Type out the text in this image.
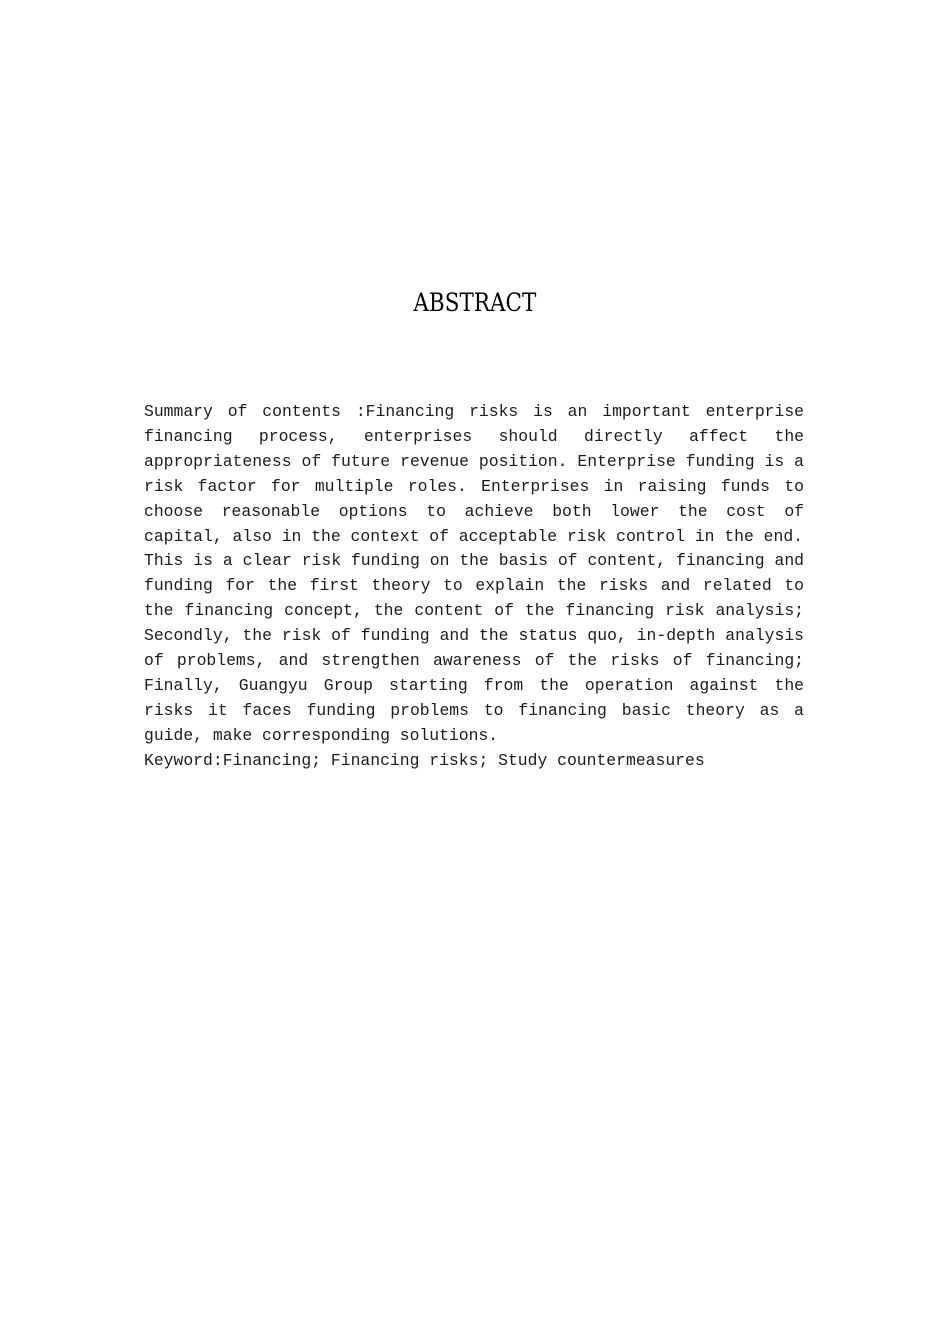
ABSTRACT

Summary of contents :Financing risks is an important enterprise financing process, enterprises should directly affect the appropriateness of future revenue position. Enterprise funding is a risk factor for multiple roles. Enterprises in raising funds to choose reasonable options to achieve both lower the cost of capital, also in the context of acceptable risk control in the end.

This is a clear risk funding on the basis of content, financing and funding for the first theory to explain the risks and related to the financing concept, the content of the financing risk analysis; Secondly, the risk of funding and the status quo, in-depth analysis of problems, and strengthen awareness of the risks of financing; Finally, Guangyu Group starting from the operation against the risks it faces funding problems to financing basic theory as a guide, make corresponding solutions.

Keyword:Financing; Financing risks; Study countermeasures
